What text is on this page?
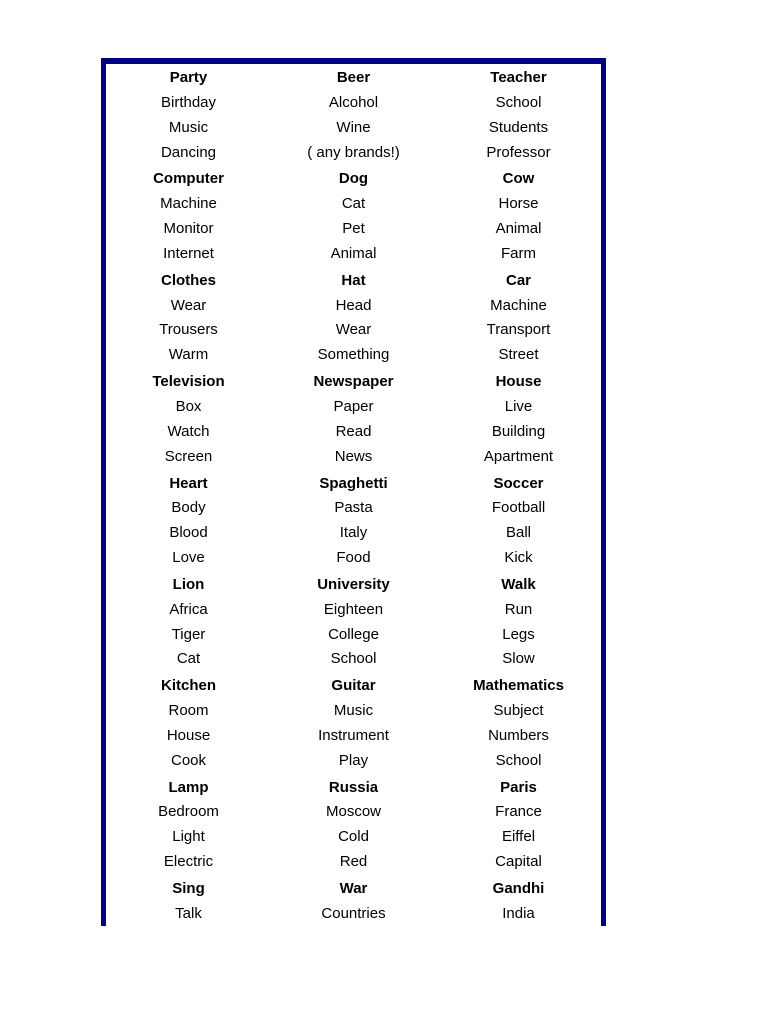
Party
Birthday
Music
Dancing
Beer
Alcohol
Wine
( any brands!)
Teacher
School
Students
Professor
Computer
Machine
Monitor
Internet
Dog
Cat
Pet
Animal
Cow
Horse
Animal
Farm
Clothes
Wear
Trousers
Warm
Hat
Head
Wear
Something
Car
Machine
Transport
Street
Television
Box
Watch
Screen
Newspaper
Paper
Read
News
House
Live
Building
Apartment
Heart
Body
Blood
Love
Spaghetti
Pasta
Italy
Food
Soccer
Football
Ball
Kick
Lion
Africa
Tiger
Cat
University
Eighteen
College
School
Walk
Run
Legs
Slow
Kitchen
Room
House
Cook
Guitar
Music
Instrument
Play
Mathematics
Subject
Numbers
School
Lamp
Bedroom
Light
Electric
Russia
Moscow
Cold
Red
Paris
France
Eiffel
Capital
Sing
Talk
War
Countries
Gandhi
India
